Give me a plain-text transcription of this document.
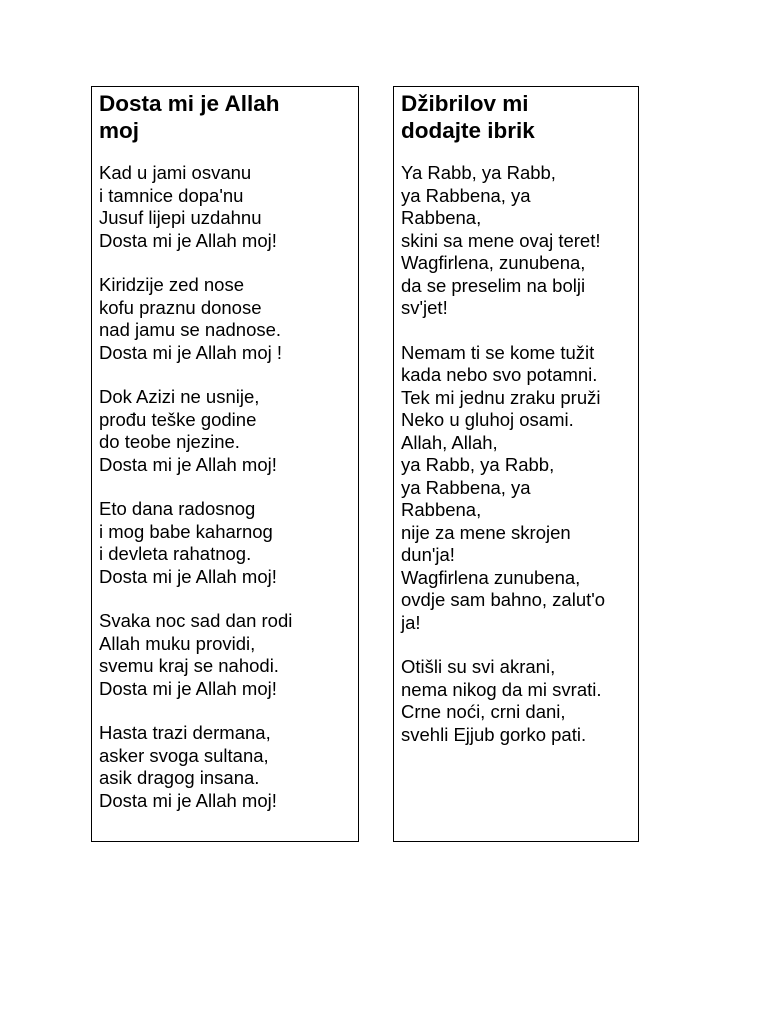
Dosta mi je Allah
moj
Kad u jami osvanu
i tamnice dopa'nu
Jusuf lijepi uzdahnu
Dosta mi je Allah moj!
Kiridzije zed nose
kofu praznu donose
nad jamu se nadnose.
Dosta mi je Allah moj !
Dok Azizi ne usnije,
prođu teške godine
do teobe njezine.
Dosta mi je Allah moj!
Eto dana radosnog
i mog babe kaharnog
i devleta rahatnog.
Dosta mi je Allah moj!
Svaka noc sad dan rodi
Allah muku providi,
svemu kraj se nahodi.
Dosta mi je Allah moj!
Hasta trazi dermana,
asker svoga sultana,
asik dragog insana.
Dosta mi je Allah moj!
Džibrilov mi
dodajte ibrik
Ya Rabb, ya Rabb,
ya Rabbena, ya
Rabbena,
skini sa mene ovaj teret!
Wagfirlena, zunubena,
da se preselim na bolji
sv'jet!
Nemam ti se kome tužit
kada nebo svo potamni.
Tek mi jednu zraku pruži
Neko u gluhoj osami.
Allah, Allah,
ya Rabb, ya Rabb,
ya Rabbena, ya
Rabbena,
nije za mene skrojen
dun'ja!
Wagfirlena zunubena,
ovdje sam bahno, zalut'o
ja!
Otišli su svi akrani,
nema nikog da mi svrati.
Crne noći, crni dani,
svehli Ejjub gorko pati.
